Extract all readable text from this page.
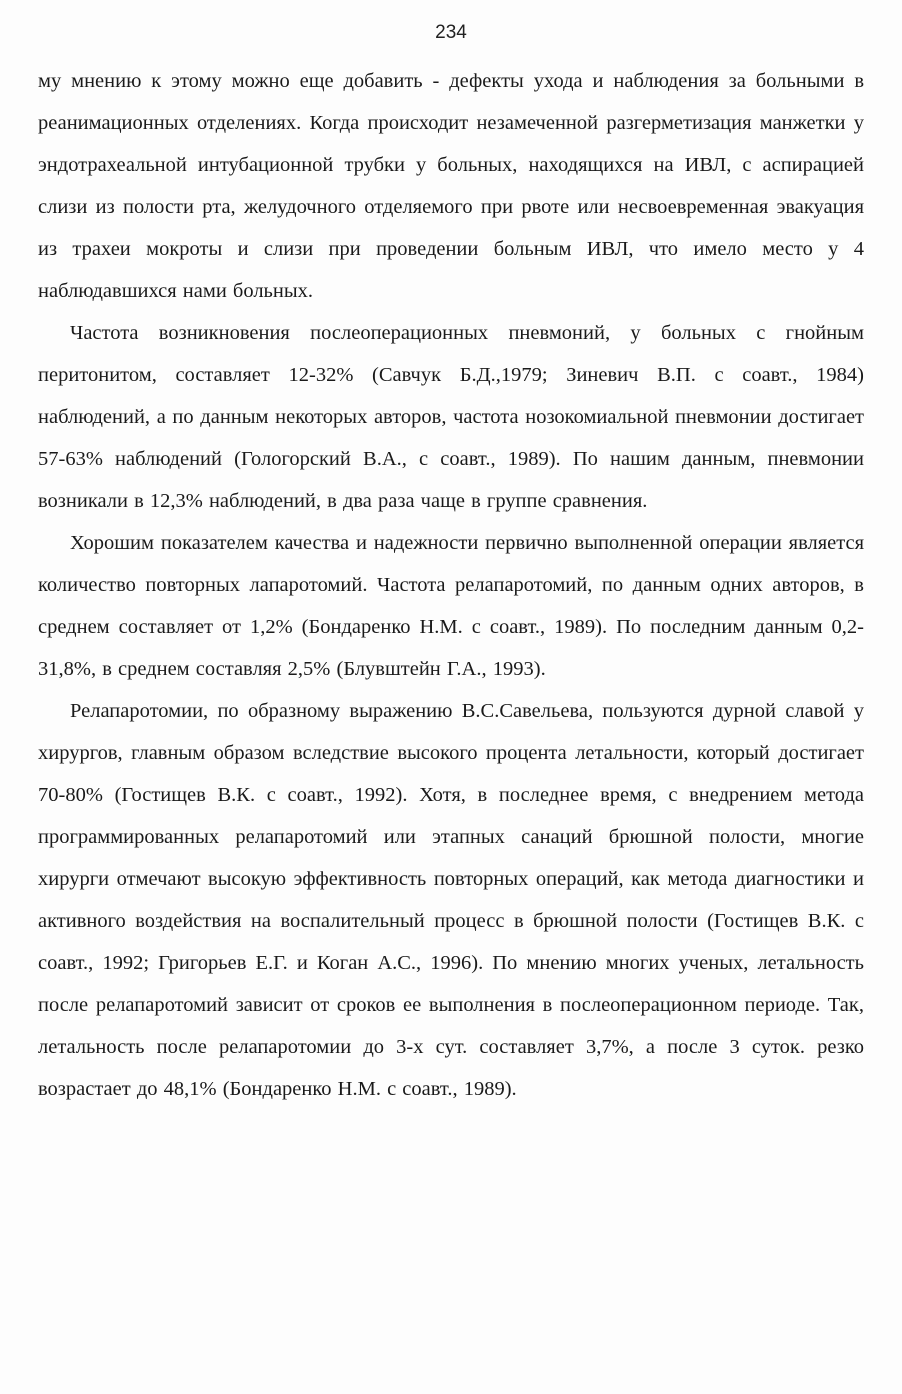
234

му мнению к этому можно еще добавить - дефекты ухода и наблюдения за больными в реанимационных отделениях. Когда происходит незамеченной разгерметизация манжетки у эндотрахеальной интубационной трубки у больных, находящихся на ИВЛ, с аспирацией слизи из полости рта, желудочного отделяемого при рвоте или несвоевременная эвакуация из трахеи мокроты и слизи при проведении больным ИВЛ, что имело место у 4 наблюдавшихся нами больных.

Частота возникновения послеоперационных пневмоний, у больных с гнойным перитонитом, составляет 12-32% (Савчук Б.Д.,1979; Зиневич В.П. с соавт., 1984) наблюдений, а по данным некоторых авторов, частота нозокомиальной пневмонии достигает 57-63% наблюдений (Гологорский В.А., с соавт., 1989). По нашим данным, пневмонии возникали в 12,3% наблюдений, в два раза чаще в группе сравнения.

Хорошим показателем качества и надежности первично выполненной операции является количество повторных лапаротомий. Частота релапаротомий, по данным одних авторов, в среднем составляет от 1,2% (Бондаренко Н.М. с соавт., 1989). По последним данным 0,2-31,8%, в среднем составляя 2,5% (Блувштейн Г.А., 1993).

Релапаротомии, по образному выражению В.С.Савельева, пользуются дурной славой у хирургов, главным образом вследствие высокого процента летальности, который достигает 70-80% (Гостищев В.К. с соавт., 1992). Хотя, в последнее время, с внедрением метода программированных релапаротомий или этапных санаций брюшной полости, многие хирурги отмечают высокую эффективность повторных операций, как метода диагностики и активного воздействия на воспалительный процесс в брюшной полости (Гостищев В.К. с соавт., 1992; Григорьев Е.Г. и Коган А.С., 1996). По мнению многих ученых, летальность после релапаротомий зависит от сроков ее выполнения в послеоперационном периоде. Так, летальность после релапаротомии до 3-х сут. составляет 3,7%, а после 3 суток. резко возрастает до 48,1% (Бондаренко Н.М. с соавт., 1989).
